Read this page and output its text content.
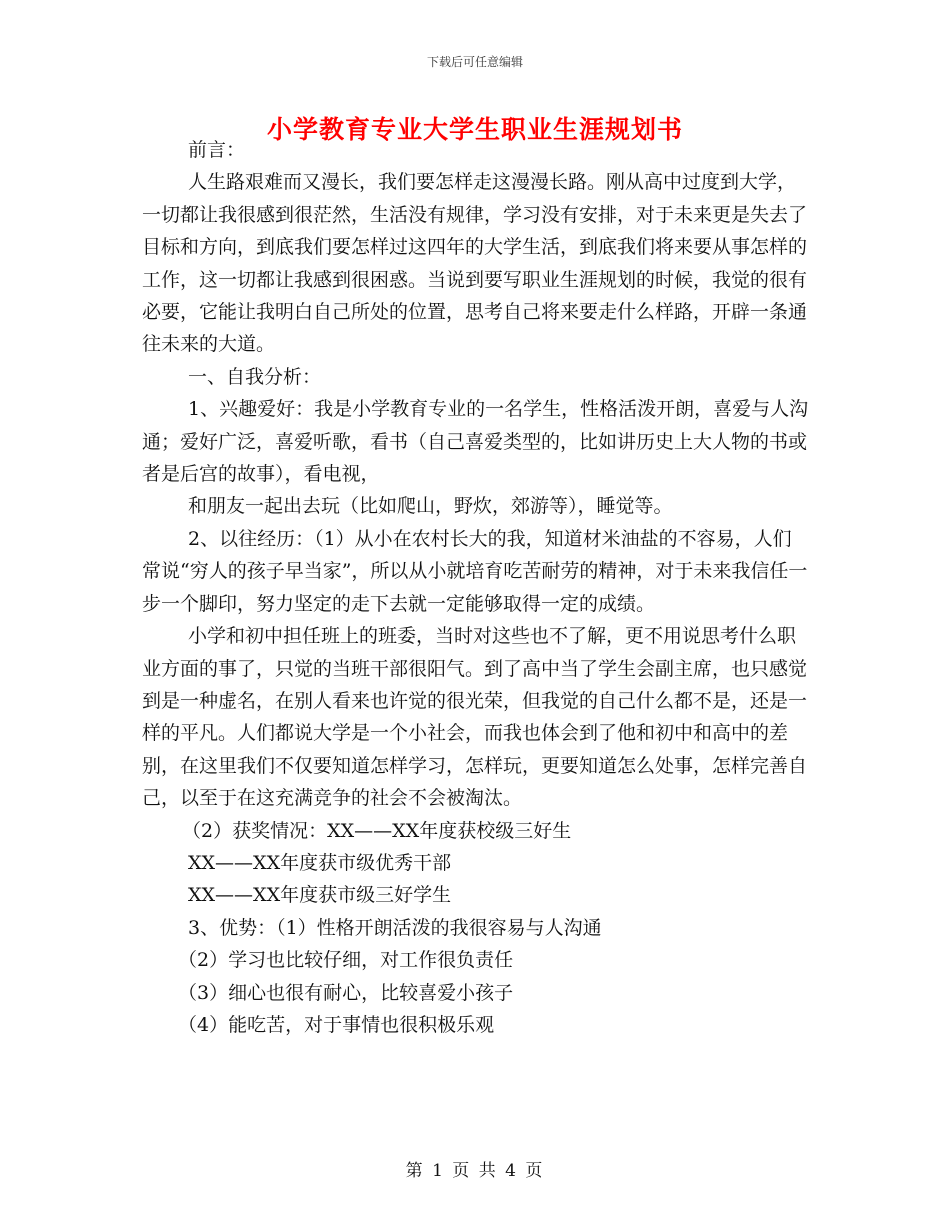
下载后可任意编辑
小学教育专业大学生职业生涯规划书

前言：

人生路艰难而又漫长，我们要怎样走这漫漫长路。刚从高中过度到大学，一切都让我很感到很茫然，生活没有规律，学习没有安排，对于未来更是失去了目标和方向，到底我们要怎样过这四年的大学生活，到底我们将来要从事怎样的工作，这一切都让我感到很困惑。当说到要写职业生涯规划的时候，我觉的很有必要，它能让我明白自己所处的位置，思考自己将来要走什么样路，开辟一条通往未来的大道。

一、自我分析：

1、兴趣爱好：我是小学教育专业的一名学生，性格活泼开朗，喜爱与人沟通；爱好广泛，喜爱听歌，看书（自己喜爱类型的，比如讲历史上大人物的书或者是后宫的故事），看电视，

和朋友一起出去玩（比如爬山，野炊，郊游等），睡觉等。

2、以往经历：（1）从小在农村长大的我，知道材米油盐的不容易，人们常说“穷人的孩子早当家”，所以从小就培育吃苦耐劳的精神，对于未来我信任一步一个脚印，努力坚定的走下去就一定能够取得一定的成绩。

小学和初中担任班上的班委，当时对这些也不了解，更不用说思考什么职业方面的事了，只觉的当班干部很阳气。到了高中当了学生会副主席，也只感觉到是一种虚名，在别人看来也许觉的很光荣，但我觉的自己什么都不是，还是一样的平凡。人们都说大学是一个小社会，而我也体会到了他和初中和高中的差别，在这里我们不仅要知道怎样学习，怎样玩，更要知道怎么处事，怎样完善自己，以至于在这充满竞争的社会不会被淘汰。

（2）获奖情况：XX——XX年度获校级三好生

XX——XX年度获市级优秀干部

XX——XX年度获市级三好学生

3、优势：（1）性格开朗活泼的我很容易与人沟通

（2）学习也比较仔细，对工作很负责任

（3）细心也很有耐心，比较喜爱小孩子

（4）能吃苦，对于事情也很积极乐观

第 1 页 共 4 页
